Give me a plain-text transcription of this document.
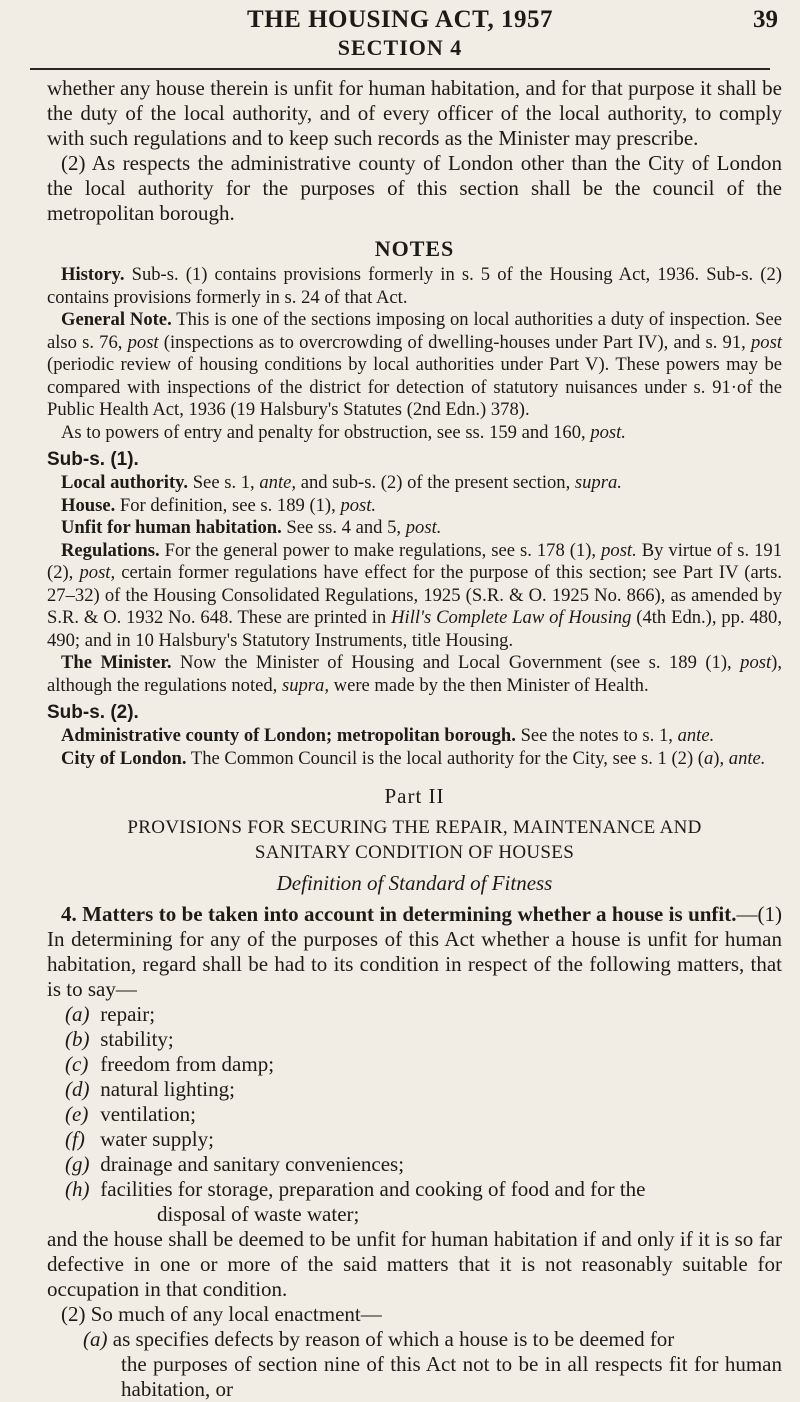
THE HOUSING ACT, 1957	39
SECTION 4

whether any house therein is unfit for human habitation, and for that purpose it shall be the duty of the local authority, and of every officer of the local authority, to comply with such regulations and to keep such records as the Minister may prescribe.

(2) As respects the administrative county of London other than the City of London the local authority for the purposes of this section shall be the council of the metropolitan borough.

NOTES

History. Sub-s. (1) contains provisions formerly in s. 5 of the Housing Act, 1936. Sub-s. (2) contains provisions formerly in s. 24 of that Act.

General Note. This is one of the sections imposing on local authorities a duty of inspection. See also s. 76, post (inspections as to overcrowding of dwelling-houses under Part IV), and s. 91, post (periodic review of housing conditions by local authorities under Part V). These powers may be compared with inspections of the district for detection of statutory nuisances under s. 91·of the Public Health Act, 1936 (19 Halsbury's Statutes (2nd Edn.) 378).

As to powers of entry and penalty for obstruction, see ss. 159 and 160, post.

Sub-s. (1).

Local authority. See s. 1, ante, and sub-s. (2) of the present section, supra.

House. For definition, see s. 189 (1), post.

Unfit for human habitation. See ss. 4 and 5, post.

Regulations. For the general power to make regulations, see s. 178 (1), post. By virtue of s. 191 (2), post, certain former regulations have effect for the purpose of this section; see Part IV (arts. 27–32) of the Housing Consolidated Regulations, 1925 (S.R. & O. 1925 No. 866), as amended by S.R. & O. 1932 No. 648. These are printed in Hill's Complete Law of Housing (4th Edn.), pp. 480, 490; and in 10 Halsbury's Statutory Instruments, title Housing.

The Minister. Now the Minister of Housing and Local Government (see s. 189 (1), post), although the regulations noted, supra, were made by the then Minister of Health.

Sub-s. (2).

Administrative county of London; metropolitan borough. See the notes to s. 1, ante.

City of London. The Common Council is the local authority for the City, see s. 1 (2) (a), ante.

Part II

PROVISIONS FOR SECURING THE REPAIR, MAINTENANCE AND

SANITARY CONDITION OF HOUSES

Definition of Standard of Fitness

4. Matters to be taken into account in determining whether a house is unfit.—(1) In determining for any of the purposes of this Act whether a house is unfit for human habitation, regard shall be had to its condition in respect of the following matters, that is to say—

(a) repair;
(b) stability;
(c) freedom from damp;
(d) natural lighting;
(e) ventilation;
(f) water supply;
(g) drainage and sanitary conveniences;
(h) facilities for storage, preparation and cooking of food and for the
disposal of waste water;

and the house shall be deemed to be unfit for human habitation if and only if it is so far defective in one or more of the said matters that it is not reasonably suitable for occupation in that condition.

(2) So much of any local enactment—

(a) as specifies defects by reason of which a house is to be deemed for
the purposes of section nine of this Act not to be in all respects fit for human habitation, or
